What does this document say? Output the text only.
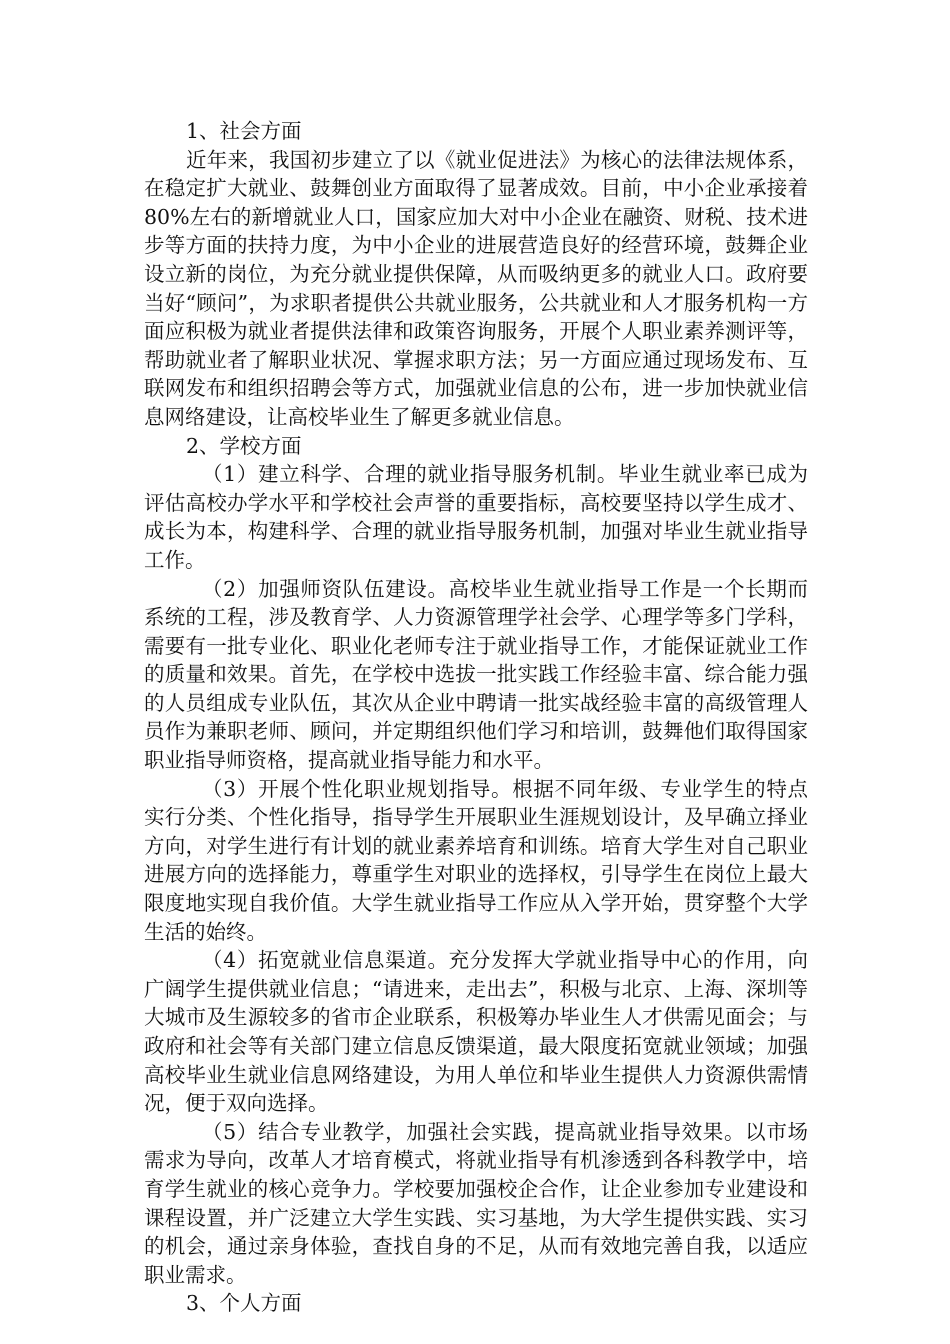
1、社会方面

近年来，我国初步建立了以《就业促进法》为核心的法律法规体系，在稳定扩大就业、鼓舞创业方面取得了显著成效。目前，中小企业承接着80%左右的新增就业人口，国家应加大对中小企业在融资、财税、技术进步等方面的扶持力度，为中小企业的进展营造良好的经营环境，鼓舞企业设立新的岗位，为充分就业提供保障，从而吸纳更多的就业人口。政府要当好“顾问”，为求职者提供公共就业服务，公共就业和人才服务机构一方面应积极为就业者提供法律和政策咨询服务，开展个人职业素养测评等，帮助就业者了解职业状况、掌握求职方法；另一方面应通过现场发布、互联网发布和组织招聘会等方式，加强就业信息的公布，进一步加快就业信息网络建设，让高校毕业生了解更多就业信息。

2、学校方面

（1）建立科学、合理的就业指导服务机制。毕业生就业率已成为评估高校办学水平和学校社会声誉的重要指标，高校要坚持以学生成才、成长为本，构建科学、合理的就业指导服务机制，加强对毕业生就业指导工作。

（2）加强师资队伍建设。高校毕业生就业指导工作是一个长期而系统的工程，涉及教育学、人力资源管理学社会学、心理学等多门学科，需要有一批专业化、职业化老师专注于就业指导工作，才能保证就业工作的质量和效果。首先，在学校中选拔一批实践工作经验丰富、综合能力强的人员组成专业队伍，其次从企业中聘请一批实战经验丰富的高级管理人员作为兼职老师、顾问，并定期组织他们学习和培训，鼓舞他们取得国家职业指导师资格，提高就业指导能力和水平。

（3）开展个性化职业规划指导。根据不同年级、专业学生的特点实行分类、个性化指导，指导学生开展职业生涯规划设计，及早确立择业方向，对学生进行有计划的就业素养培育和训练。培育大学生对自己职业进展方向的选择能力，尊重学生对职业的选择权，引导学生在岗位上最大限度地实现自我价值。大学生就业指导工作应从入学开始，贯穿整个大学生活的始终。

（4）拓宽就业信息渠道。充分发挥大学就业指导中心的作用，向广阔学生提供就业信息；“请进来，走出去”，积极与北京、上海、深圳等大城市及生源较多的省市企业联系，积极筹办毕业生人才供需见面会；与政府和社会等有关部门建立信息反馈渠道，最大限度拓宽就业领域；加强高校毕业生就业信息网络建设，为用人单位和毕业生提供人力资源供需情况，便于双向选择。

（5）结合专业教学，加强社会实践，提高就业指导效果。以市场需求为导向，改革人才培育模式，将就业指导有机渗透到各科教学中，培育学生就业的核心竞争力。学校要加强校企合作，让企业参加专业建设和课程设置，并广泛建立大学生实践、实习基地，为大学生提供实践、实习的机会，通过亲身体验，查找自身的不足，从而有效地完善自我，以适应职业需求。

3、个人方面
